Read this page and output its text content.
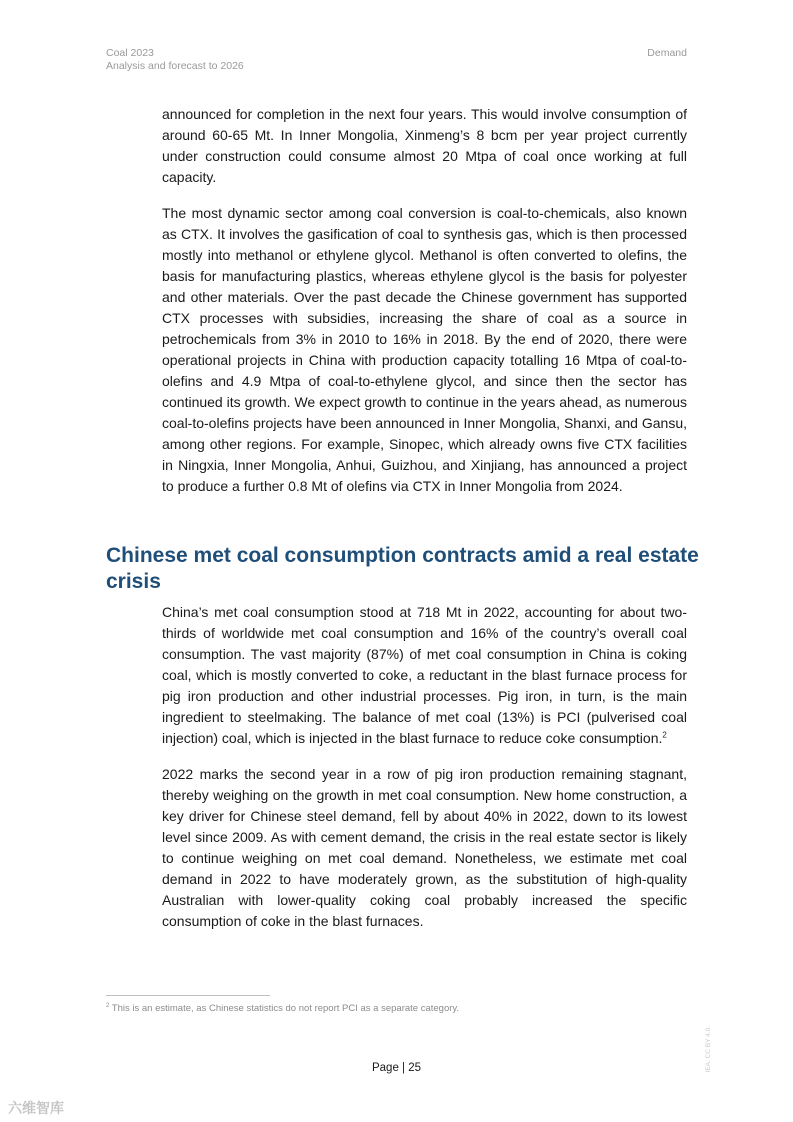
Coal 2023
Analysis and forecast to 2026
Demand

announced for completion in the next four years. This would involve consumption of around 60-65 Mt. In Inner Mongolia, Xinmeng’s 8 bcm per year project currently under construction could consume almost 20 Mtpa of coal once working at full capacity.

The most dynamic sector among coal conversion is coal-to-chemicals, also known as CTX. It involves the gasification of coal to synthesis gas, which is then processed mostly into methanol or ethylene glycol. Methanol is often converted to olefins, the basis for manufacturing plastics, whereas ethylene glycol is the basis for polyester and other materials. Over the past decade the Chinese government has supported CTX processes with subsidies, increasing the share of coal as a source in petrochemicals from 3% in 2010 to 16% in 2018. By the end of 2020, there were operational projects in China with production capacity totalling 16 Mtpa of coal-to-olefins and 4.9 Mtpa of coal-to-ethylene glycol, and since then the sector has continued its growth. We expect growth to continue in the years ahead, as numerous coal-to-olefins projects have been announced in Inner Mongolia, Shanxi, and Gansu, among other regions. For example, Sinopec, which already owns five CTX facilities in Ningxia, Inner Mongolia, Anhui, Guizhou, and Xinjiang, has announced a project to produce a further 0.8 Mt of olefins via CTX in Inner Mongolia from 2024.

Chinese met coal consumption contracts amid a real estate crisis

China’s met coal consumption stood at 718 Mt in 2022, accounting for about two-thirds of worldwide met coal consumption and 16% of the country’s overall coal consumption. The vast majority (87%) of met coal consumption in China is coking coal, which is mostly converted to coke, a reductant in the blast furnace process for pig iron production and other industrial processes. Pig iron, in turn, is the main ingredient to steelmaking. The balance of met coal (13%) is PCI (pulverised coal injection) coal, which is injected in the blast furnace to reduce coke consumption.$^2$

2022 marks the second year in a row of pig iron production remaining stagnant, thereby weighing on the growth in met coal consumption. New home construction, a key driver for Chinese steel demand, fell by about 40% in 2022, down to its lowest level since 2009. As with cement demand, the crisis in the real estate sector is likely to continue weighing on met coal demand. Nonetheless, we estimate met coal demand in 2022 to have moderately grown, as the substitution of high-quality Australian with lower-quality coking coal probably increased the specific consumption of coke in the blast furnaces.

$^2$ This is an estimate, as Chinese statistics do not report PCI as a separate category.
Page | 25	IEA. CC BY 4.0.
六维智库
